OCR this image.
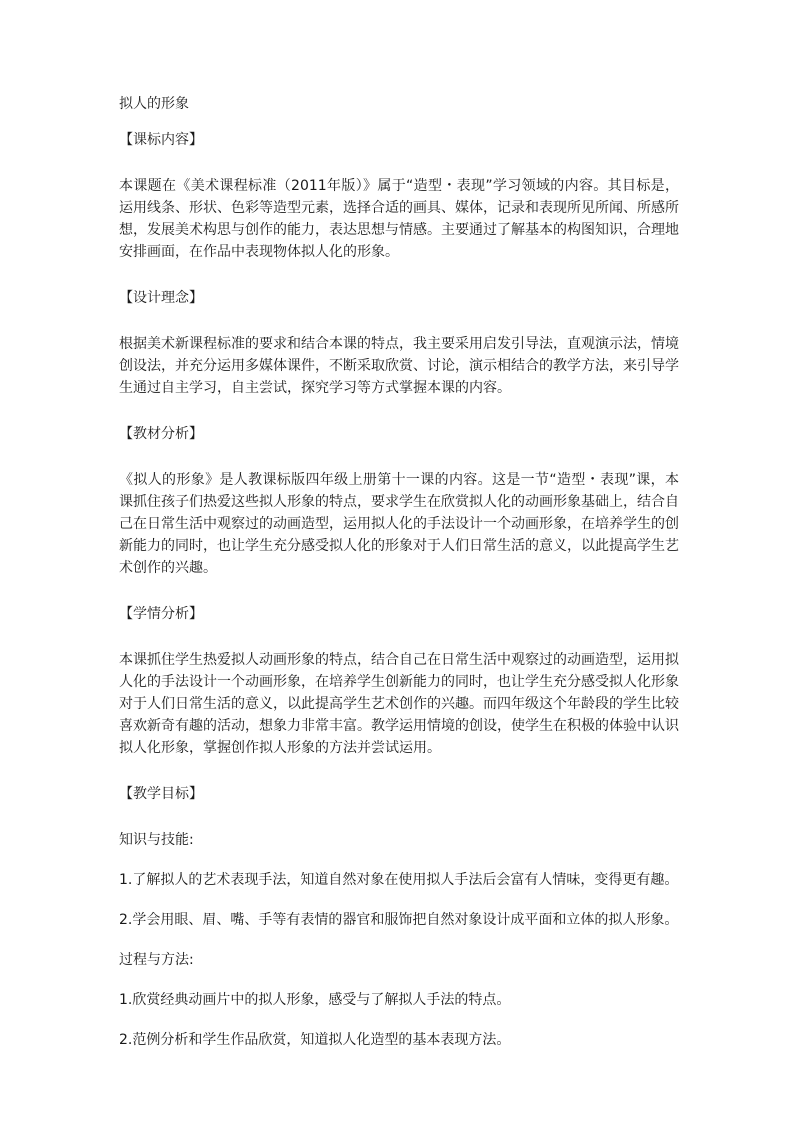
拟人的形象

【课标内容】

本课题在《美术课程标准（2011年版）》属于“造型・表现”学习领域的内容。其目标是，运用线条、形状、色彩等造型元素，选择合适的画具、媒体，记录和表现所见所闻、所感所想，发展美术构思与创作的能力，表达思想与情感。主要通过了解基本的构图知识，合理地安排画面，在作品中表现物体拟人化的形象。

【设计理念】

根据美术新课程标准的要求和结合本课的特点，我主要采用启发引导法，直观演示法，情境创设法，并充分运用多媒体课件，不断采取欣赏、讨论，演示相结合的教学方法，来引导学生通过自主学习，自主尝试，探究学习等方式掌握本课的内容。

【教材分析】

《拟人的形象》是人教课标版四年级上册第十一课的内容。这是一节“造型・表现”课，本课抓住孩子们热爱这些拟人形象的特点，要求学生在欣赏拟人化的动画形象基础上，结合自己在日常生活中观察过的动画造型，运用拟人化的手法设计一个动画形象，在培养学生的创新能力的同时，也让学生充分感受拟人化的形象对于人们日常生活的意义，以此提高学生艺术创作的兴趣。

【学情分析】

本课抓住学生热爱拟人动画形象的特点，结合自己在日常生活中观察过的动画造型，运用拟人化的手法设计一个动画形象，在培养学生创新能力的同时，也让学生充分感受拟人化形象对于人们日常生活的意义，以此提高学生艺术创作的兴趣。而四年级这个年龄段的学生比较喜欢新奇有趣的活动，想象力非常丰富。教学运用情境的创设，使学生在积极的体验中认识拟人化形象，掌握创作拟人形象的方法并尝试运用。

【教学目标】

知识与技能:

1.了解拟人的艺术表现手法，知道自然对象在使用拟人手法后会富有人情味，变得更有趣。

2.学会用眼、眉、嘴、手等有表情的器官和服饰把自然对象设计成平面和立体的拟人形象。

过程与方法:

1.欣赏经典动画片中的拟人形象，感受与了解拟人手法的特点。

2.范例分析和学生作品欣赏，知道拟人化造型的基本表现方法。
